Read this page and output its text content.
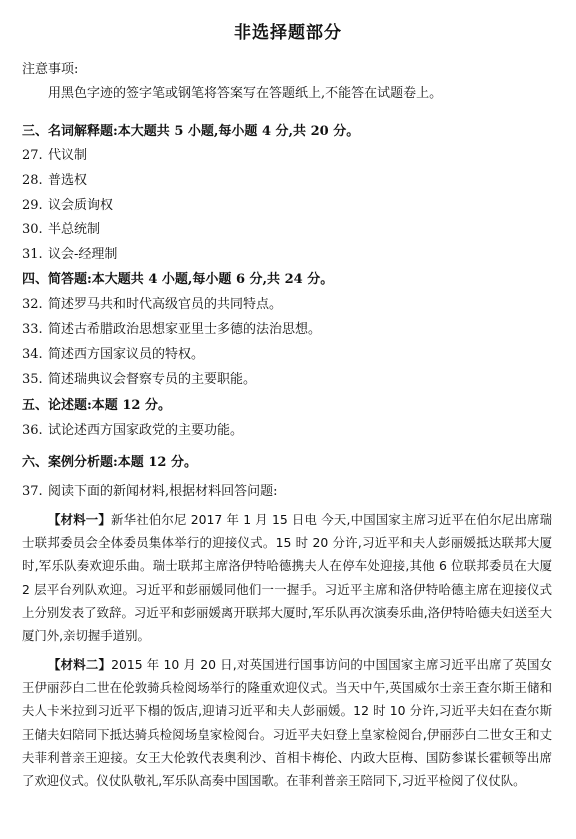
非选择题部分
注意事项:
用黑色字迹的签字笔或钢笔将答案写在答题纸上,不能答在试题卷上。
三、名词解释题:本大题共 5 小题,每小题 4 分,共 20 分。
27. 代议制
28. 普选权
29. 议会质询权
30. 半总统制
31. 议会-经理制
四、简答题:本大题共 4 小题,每小题 6 分,共 24 分。
32. 简述罗马共和时代高级官员的共同特点。
33. 简述古希腊政治思想家亚里士多德的法治思想。
34. 简述西方国家议员的特权。
35. 简述瑞典议会督察专员的主要职能。
五、论述题:本题 12 分。
36. 试论述西方国家政党的主要功能。
六、案例分析题:本题 12 分。
37. 阅读下面的新闻材料,根据材料回答问题:
【材料一】新华社伯尔尼 2017 年 1 月 15 日电 今天,中国国家主席习近平在伯尔尼出席瑞士联邦委员会全体委员集体举行的迎接仪式。15 时 20 分许,习近平和夫人彭丽媛抵达联邦大厦时,军乐队奏欢迎乐曲。瑞士联邦主席洛伊特哈德携夫人在停车处迎接,其他 6 位联邦委员在大厦 2 层平台列队欢迎。习近平和彭丽媛同他们一一握手。习近平主席和洛伊特哈德主席在迎接仪式上分别发表了致辞。习近平和彭丽媛离开联邦大厦时,军乐队再次演奏乐曲,洛伊特哈德夫妇送至大厦门外,亲切握手道别。
【材料二】2015 年 10 月 20 日,对英国进行国事访问的中国国家主席习近平出席了英国女王伊丽莎白二世在伦敦骑兵检阅场举行的隆重欢迎仪式。当天中午,英国威尔士亲王查尔斯王储和夫人卡米拉到习近平下榻的饭店,迎请习近平和夫人彭丽媛。12 时 10 分许,习近平夫妇在查尔斯王储夫妇陪同下抵达骑兵检阅场皇家检阅台。习近平夫妇登上皇家检阅台,伊丽莎白二世女王和丈夫菲利普亲王迎接。女王大伦敦代表奥利沙、首相卡梅伦、内政大臣梅、国防参谋长霍顿等出席了欢迎仪式。仪仗队敬礼,军乐队高奏中国国歌。在菲利普亲王陪同下,习近平检阅了仪仗队。
